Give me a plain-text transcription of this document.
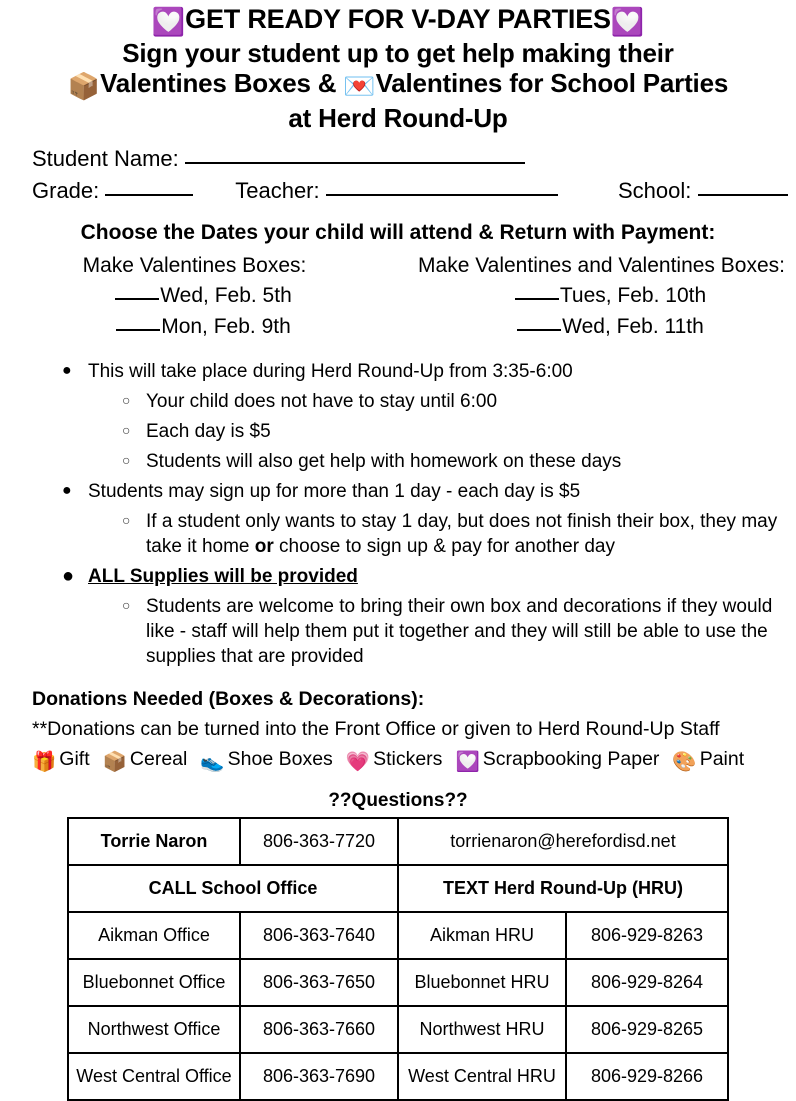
💟GET READY FOR V-DAY PARTIES💟
Sign your student up to get help making their
📦Valentines Boxes & 💌Valentines for School Parties
at Herd Round-Up
Student Name:
Grade:	Teacher:	School:
Choose the Dates your child will attend & Return with Payment:
Make Valentines Boxes:
Wed, Feb. 5th
Mon, Feb. 9th
Make Valentines and Valentines Boxes:
Tues, Feb. 10th
Wed, Feb. 11th
● This will take place during Herd Round-Up from 3:35-6:00
○ Your child does not have to stay until 6:00
○ Each day is $5
○ Students will also get help with homework on these days
● Students may sign up for more than 1 day - each day is $5
○ If a student only wants to stay 1 day, but does not finish their box, they may take it home or choose to sign up & pay for another day
● ALL Supplies will be provided
○ Students are welcome to bring their own box and decorations if they would like - staff will help them put it together and they will still be able to use the supplies that are provided
Donations Needed (Boxes & Decorations):
**Donations can be turned into the Front Office or given to Herd Round-Up Staff
🎁 Gift 📦 Cereal 👟 Shoe Boxes 💗 Stickers 💟 Scrapbooking Paper 🎨 Paint
??Questions??
Torrie Naron	806-363-7720	torrienaron@herefordisd.net	
CALL School Office		TEXT Herd Round-Up (HRU)	
Aikman Office	806-363-7640	Aikman HRU	806-929-8263
Bluebonnet Office	806-363-7650	Bluebonnet HRU	806-929-8264
Northwest Office	806-363-7660	Northwest HRU	806-929-8265
West Central Office	806-363-7690	West Central HRU	806-929-8266
